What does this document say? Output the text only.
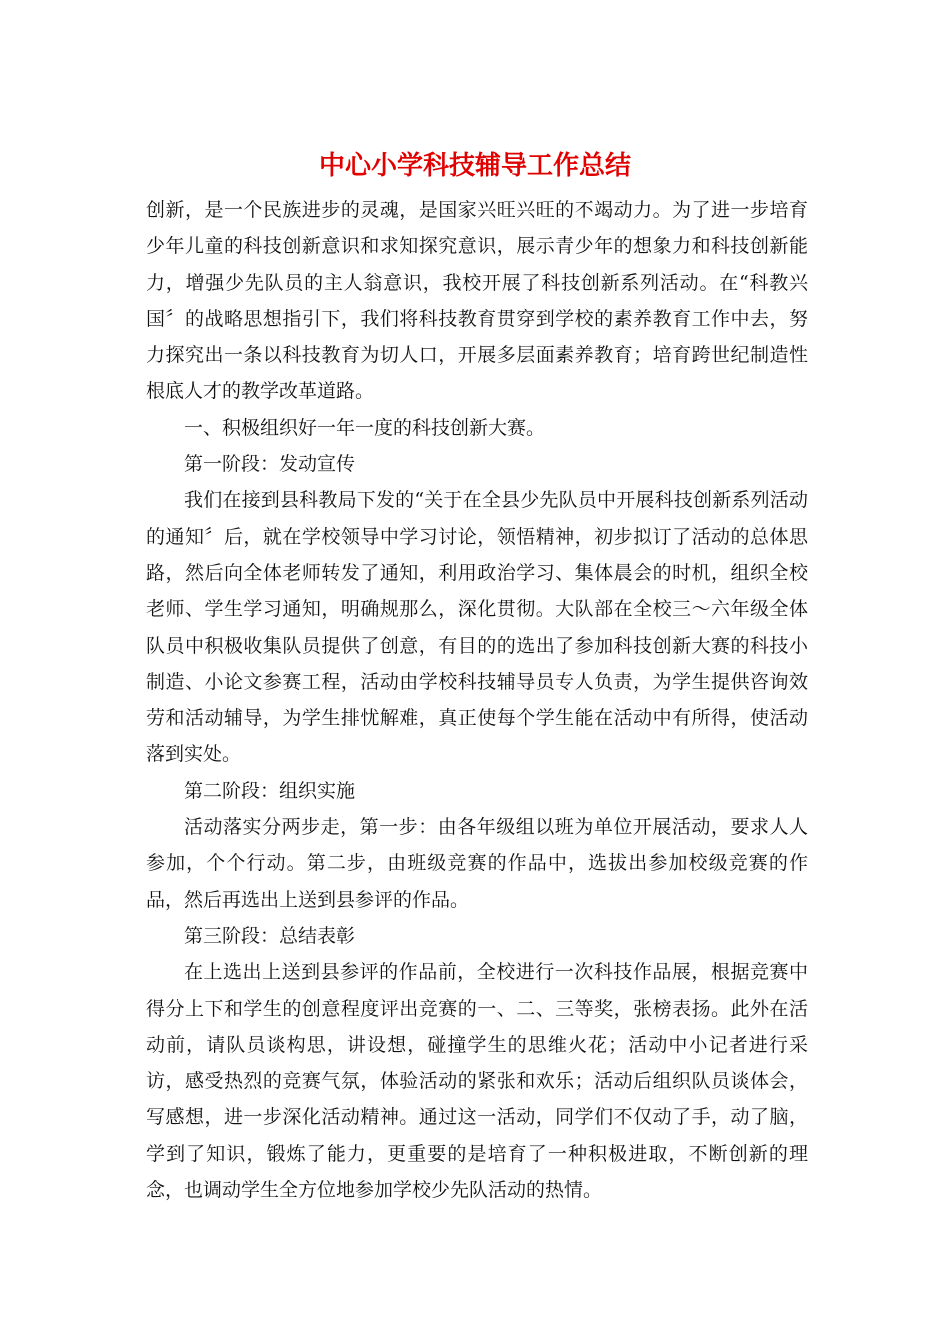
中心小学科技辅导工作总结

创新，是一个民族进步的灵魂，是国家兴旺兴旺的不竭动力。为了进一步培育少年儿童的科技创新意识和求知探究意识，展示青少年的想象力和科技创新能力，增强少先队员的主人翁意识，我校开展了科技创新系列活动。在“科教兴国〞的战略思想指引下，我们将科技教育贯穿到学校的素养教育工作中去，努力探究出一条以科技教育为切人口，开展多层面素养教育；培育跨世纪制造性根底人才的教学改革道路。

一、积极组织好一年一度的科技创新大赛。

第一阶段：发动宣传

我们在接到县科教局下发的“关于在全县少先队员中开展科技创新系列活动的通知〞后，就在学校领导中学习讨论，领悟精神，初步拟订了活动的总体思路，然后向全体老师转发了通知，利用政治学习、集体晨会的时机，组织全校老师、学生学习通知，明确规那么，深化贯彻。大队部在全校三～六年级全体队员中积极收集队员提供了创意，有目的的选出了参加科技创新大赛的科技小制造、小论文参赛工程，活动由学校科技辅导员专人负责，为学生提供咨询效劳和活动辅导，为学生排忧解难，真正使每个学生能在活动中有所得，使活动落到实处。

第二阶段：组织实施

活动落实分两步走，第一步：由各年级组以班为单位开展活动，要求人人参加，个个行动。第二步，由班级竞赛的作品中，选拔出参加校级竞赛的作品，然后再选出上送到县参评的作品。

第三阶段：总结表彰

在上选出上送到县参评的作品前，全校进行一次科技作品展，根据竞赛中得分上下和学生的创意程度评出竞赛的一、二、三等奖，张榜表扬。此外在活动前，请队员谈构思，讲设想，碰撞学生的思维火花；活动中小记者进行采访，感受热烈的竞赛气氛，体验活动的紧张和欢乐；活动后组织队员谈体会，写感想，进一步深化活动精神。通过这一活动，同学们不仅动了手，动了脑，学到了知识，锻炼了能力，更重要的是培育了一种积极进取，不断创新的理念，也调动学生全方位地参加学校少先队活动的热情。
